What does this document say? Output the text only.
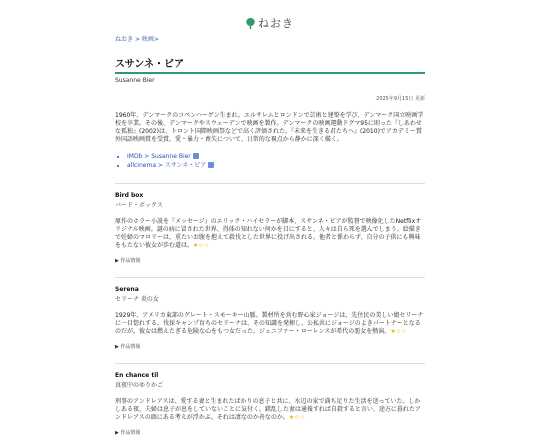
ねおき
ねおき > 映画>
スサンネ・ビア
Susanne Bier
2025年9月15日 更新
1960年、デンマークのコペンハーゲン生まれ。エルサレムとロンドンで芸術と建築を学び、デンマーク国立映画学校を卒業。その後、デンマークやスウェーデンで映画を製作。デンマークの映画運動ドグマ95に則った『しあわせな孤独』(2002)は、トロント国際映画祭などで高く評価された。『未来を生きる君たちへ』(2010)でアカデミー賞外国語映画賞を受賞。愛・暴力・喪失について、日常的な視点から静かに深く描く。
• IMDb > Susanne Bier
• allcinema > スサンネ・ビア
Bird box
バード・ボックス
原作のホラー小説を『メッセージ』のエリック・ハイセラーが脚本、スサンネ・ビアが監督で映像化したNetflixオリジナル映画。謎の病に冒された世界、得体の知れない何かを目にすると、人々は自ら死を選んでしまう。絵描きで妊婦のマロリーは、重たいお腹を抱えて殺伐とした世界に投げ出される。他者と係わらず、自分の子供にも興味をもたない彼女が歩む道は。★☆☆
▶ 作品情報
Serena
セリーナ 炎の女
1929年、アメリカ東部のグレート・スモーキー山脈。製材所を営む野心家ジョージは、先住民の美しい娘セリーナに一目惚れする。伐採キャンプ育ちのセリーナは、その知識を発揮し、公私共にジョージのよきパートナーとなるのだが。彼女は燃えたぎる危険な心をもつ女だった。ジェニファー・ローレンスが希代の悪女を熱演。★☆☆
▶ 作品情報
En chance til
真夜中のゆりかご
刑事のアンドレアスは、愛する妻と生まれたばかりの息子と共に、水辺の家で満ち足りた生活を送っていた。しかしある夜、夫婦は息子が息をしていないことに気付く。錯乱した妻は通報すれば自殺すると言い、途方に暮れたアンドレアスの頭にある考えが浮かぶ。それは凄なのか善なのか。★☆☆
▶ 作品情報
